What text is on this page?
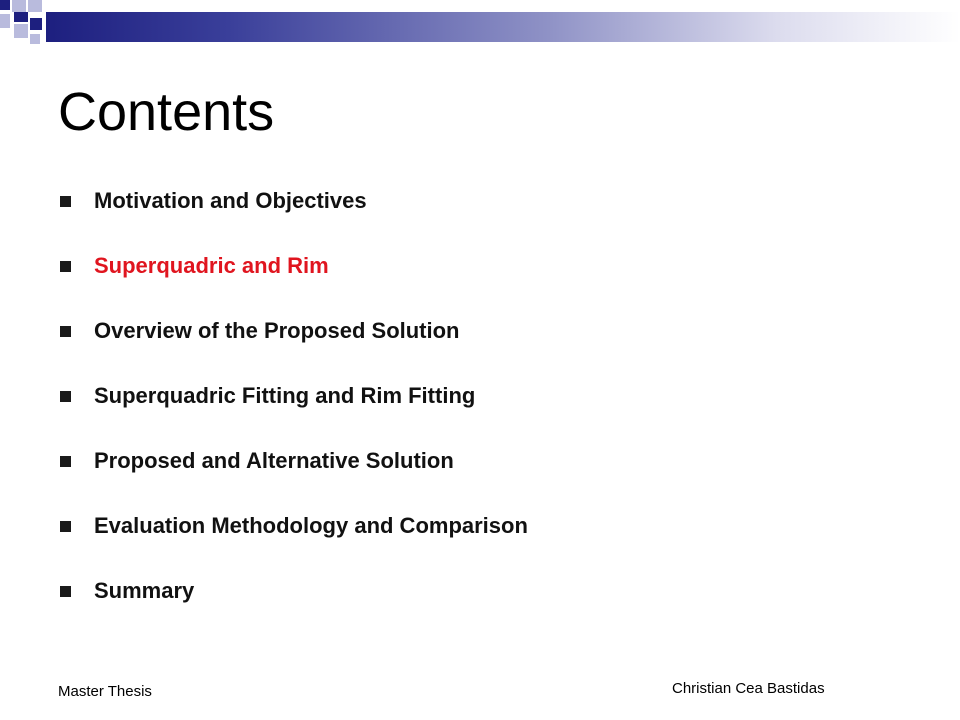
Contents
Motivation and Objectives
Superquadric and Rim
Overview of the Proposed Solution
Superquadric Fitting and Rim Fitting
Proposed and Alternative Solution
Evaluation Methodology and Comparison
Summary
Master Thesis	Christian Cea Bastidas
